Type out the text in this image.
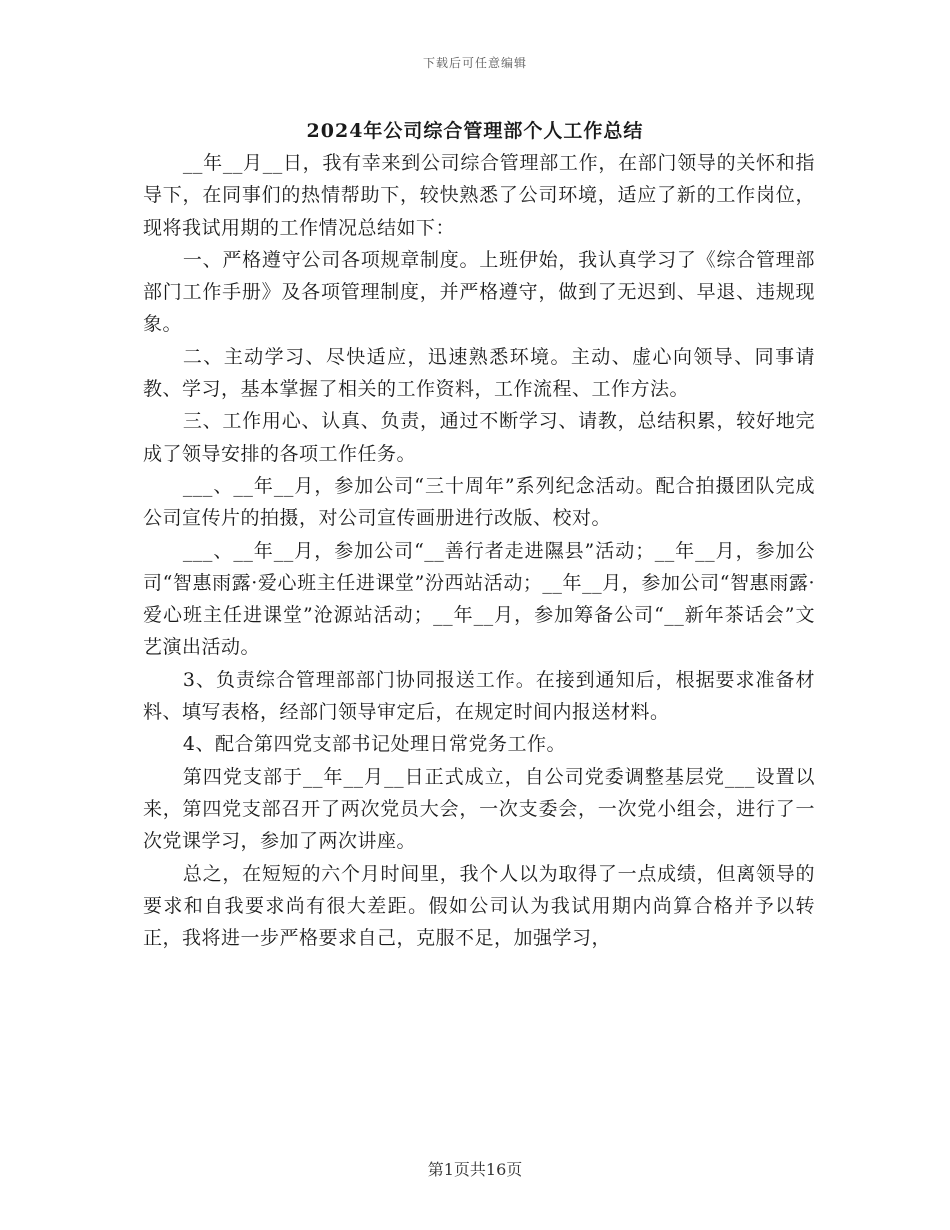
下载后可任意编辑
2024年公司综合管理部个人工作总结

__年__月__日，我有幸来到公司综合管理部工作，在部门领导的关怀和指导下，在同事们的热情帮助下，较快熟悉了公司环境，适应了新的工作岗位，现将我试用期的工作情况总结如下：

一、严格遵守公司各项规章制度。上班伊始，我认真学习了《综合管理部部门工作手册》及各项管理制度，并严格遵守，做到了无迟到、早退、违规现象。

二、主动学习、尽快适应，迅速熟悉环境。主动、虚心向领导、同事请教、学习，基本掌握了相关的工作资料，工作流程、工作方法。

三、工作用心、认真、负责，通过不断学习、请教，总结积累，较好地完成了领导安排的各项工作任务。

___、__年__月，参加公司“三十周年”系列纪念活动。配合拍摄团队完成公司宣传片的拍摄，对公司宣传画册进行改版、校对。

___、__年__月，参加公司“__善行者走进隰县”活动；__年__月，参加公司“智惠雨露·爱心班主任进课堂”汾西站活动；__年__月，参加公司“智惠雨露·爱心班主任进课堂”沧源站活动；__年__月，参加筹备公司“__新年茶话会”文艺演出活动。

3、负责综合管理部部门协同报送工作。在接到通知后，根据要求准备材料、填写表格，经部门领导审定后，在规定时间内报送材料。

4、配合第四党支部书记处理日常党务工作。

第四党支部于__年__月__日正式成立，自公司党委调整基层党___设置以来，第四党支部召开了两次党员大会，一次支委会，一次党小组会，进行了一次党课学习，参加了两次讲座。

总之，在短短的六个月时间里，我个人以为取得了一点成绩，但离领导的要求和自我要求尚有很大差距。假如公司认为我试用期内尚算合格并予以转正，我将进一步严格要求自己，克服不足，加强学习，

第1页共16页
